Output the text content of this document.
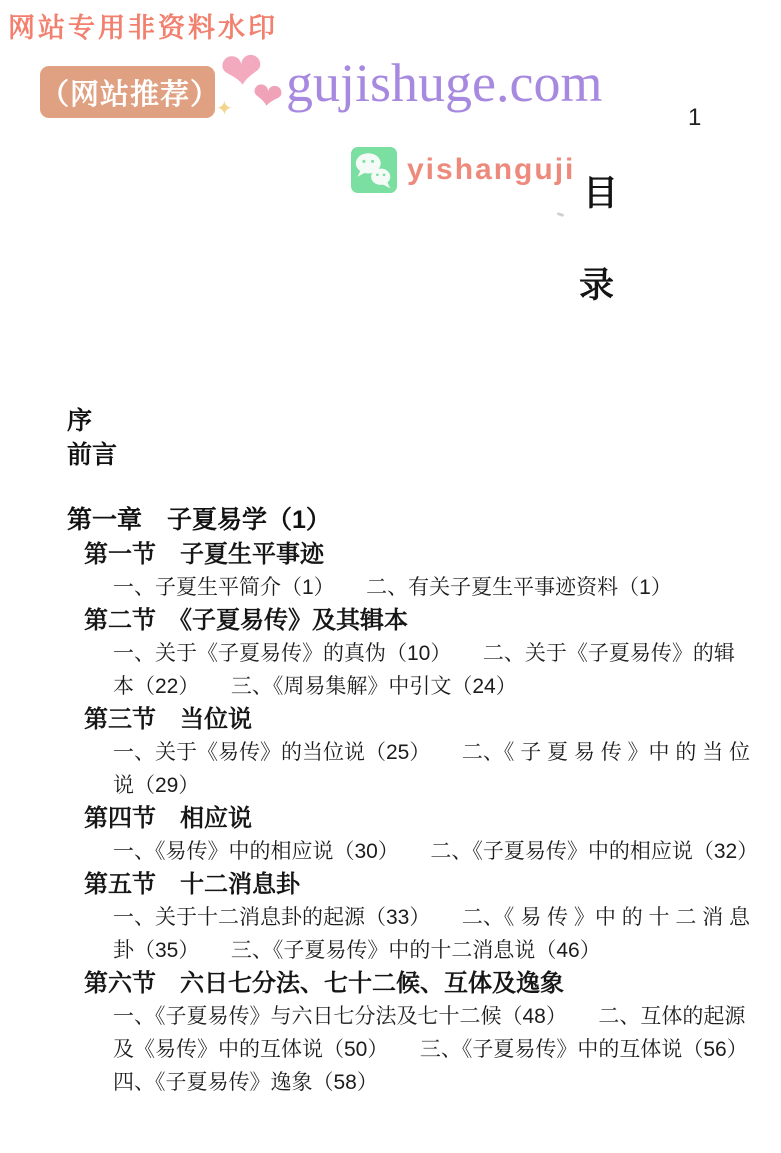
网站专用非资料水印
（网站推荐）
❤
❤
✦ gujishuge.com
1
yishanguji
目
录
序
前言
第一章　子夏易学（1）
第一节　子夏生平事迹
一、子夏生平简介（1）　　二、有关子夏生平事迹资料（1）
第二节　《子夏易传》及其辑本
一、关于《子夏易传》的真伪（10）　　二、关于《子夏易传》的辑
本（22）　　三、《周易集解》中引文（24）
第三节　当位说
一、关于《易传》的当位说（25）　　二、《 子 夏 易 传 》中 的 当 位
说（29）
第四节　相应说
一、《易传》中的相应说（30）　　二、《子夏易传》中的相应说（32）
第五节　十二消息卦
一、关于十二消息卦的起源（33）　　二、《 易 传 》中 的 十 二 消 息
卦（35）　　三、《子夏易传》中的十二消息说（46）
第六节　六日七分法、七十二候、互体及逸象
一、《子夏易传》与六日七分法及七十二候（48）　　二、互体的起源
及《易传》中的互体说（50）　　三、《子夏易传》中的互体说（56）
四、《子夏易传》逸象（58）
